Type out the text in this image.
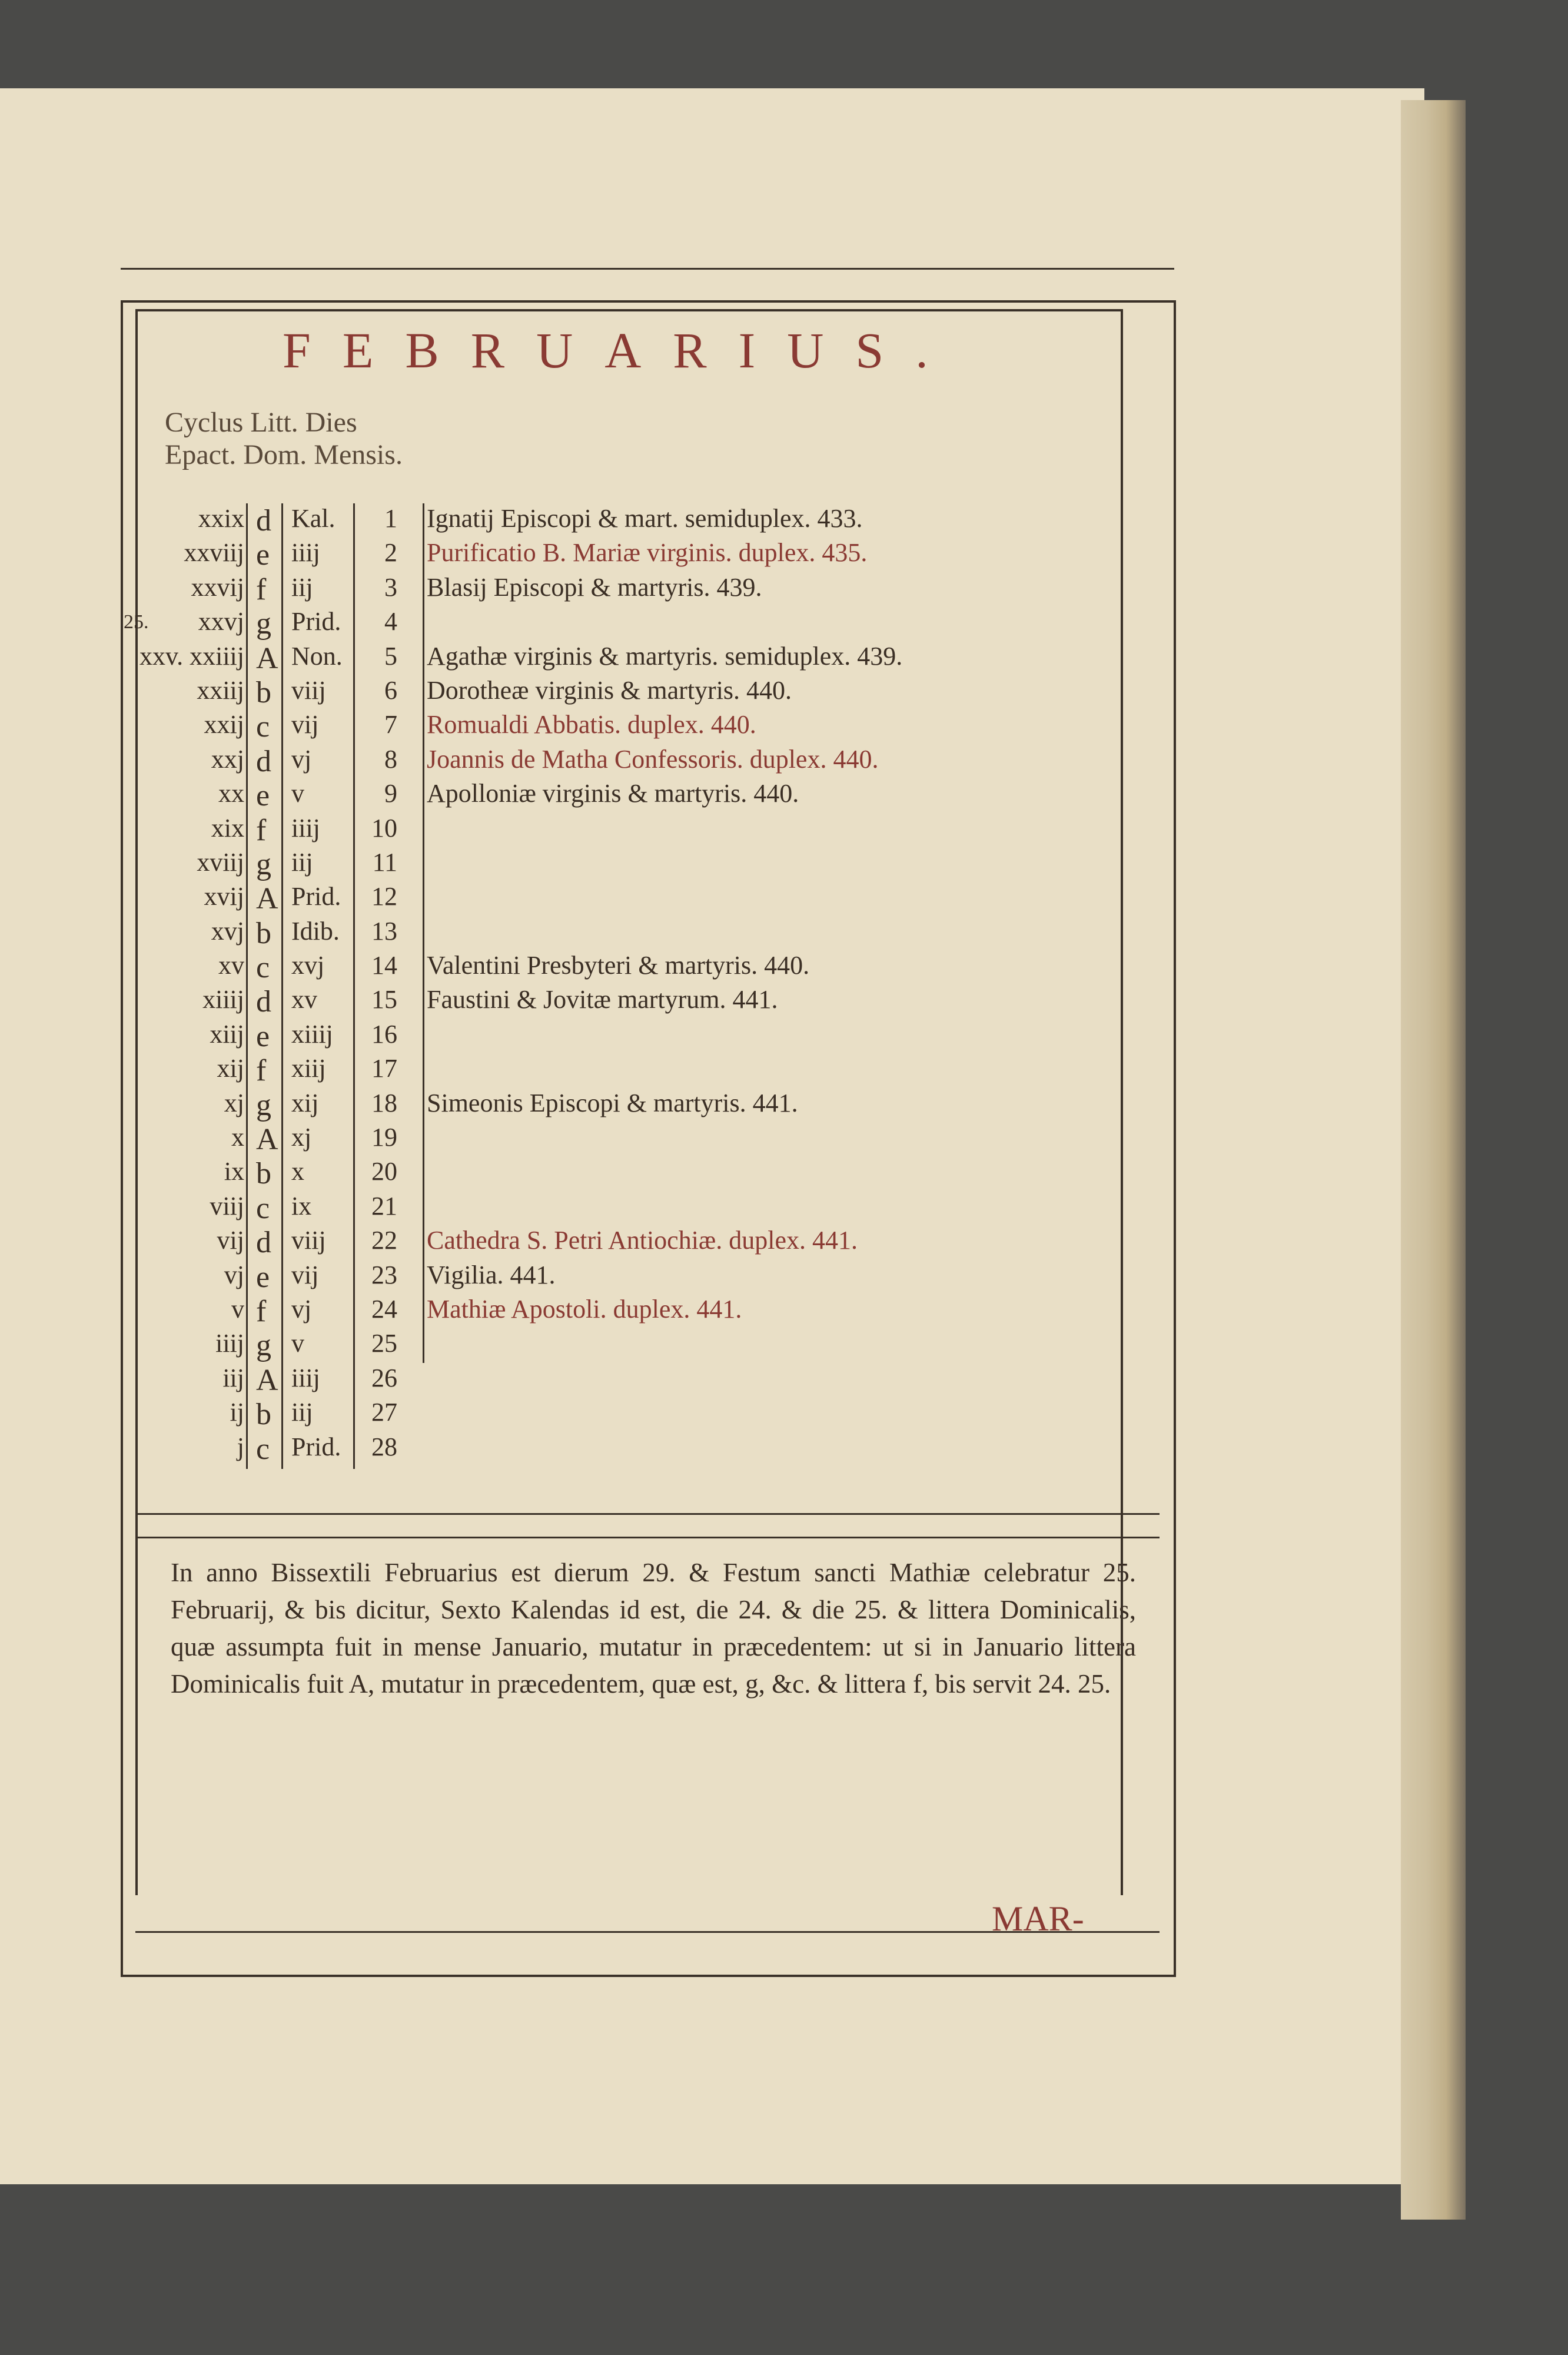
FEBRUARIUS.
Cyclus Litt. Dies
Epact. Dom. Mensis.
xxix d Kal.	1 Ignatij Episcopi & mart. semiduplex. 433.
xxviij e iiij	2 Purificatio B. Mariæ virginis. duplex. 435.
xxvij f iij	3 Blasij Episcopi & martyris. 439.
25.	xxvj g Prid.	4
xxv. xxiiij A Non.	5 Agathæ virginis & martyris. semiduplex. 439.
xxiij b viij	6 Dorotheæ virginis & martyris. 440.
xxij c vij	7 Romualdi Abbatis. duplex. 440.
xxj d vj	8 Joannis de Matha Confessoris. duplex. 440.
xx e v	9 Apolloniæ virginis & martyris. 440.
xix f iiij	10
xviij g iij	11
xvij A Prid.	12
xvj b Idib.	13
xv c xvj	14 Valentini Presbyteri & martyris. 440.
xiiij d xv	15 Faustini & Jovitæ martyrum. 441.
xiij e xiiij	16
xij f xiij	17
xj g xij	18 Simeonis Episcopi & martyris. 441.
x A xj	19
ix b x	20
viij c ix	21
vij d viij	22 Cathedra S. Petri Antiochiæ. duplex. 441.
vj e vij	23 Vigilia. 441.
v f vj	24 Mathiæ Apostoli. duplex. 441.
iiij g v	25
iij A iiij	26
ij b iij	27
j c Prid.	28
In anno Bissextili Februarius est dierum 29. & Festum sancti Mathiæ celebratur 25. Februarij, & bis dicitur, Sexto Kalendas id est, die 24. & die 25. & littera Dominicalis, quæ assumpta fuit in mense Januario, mutatur in præcedentem: ut si in Januario littera Dominicalis fuit A, mutatur in præcedentem, quæ est, g, &c. & littera f, bis servit 24. 25.
MAR-
